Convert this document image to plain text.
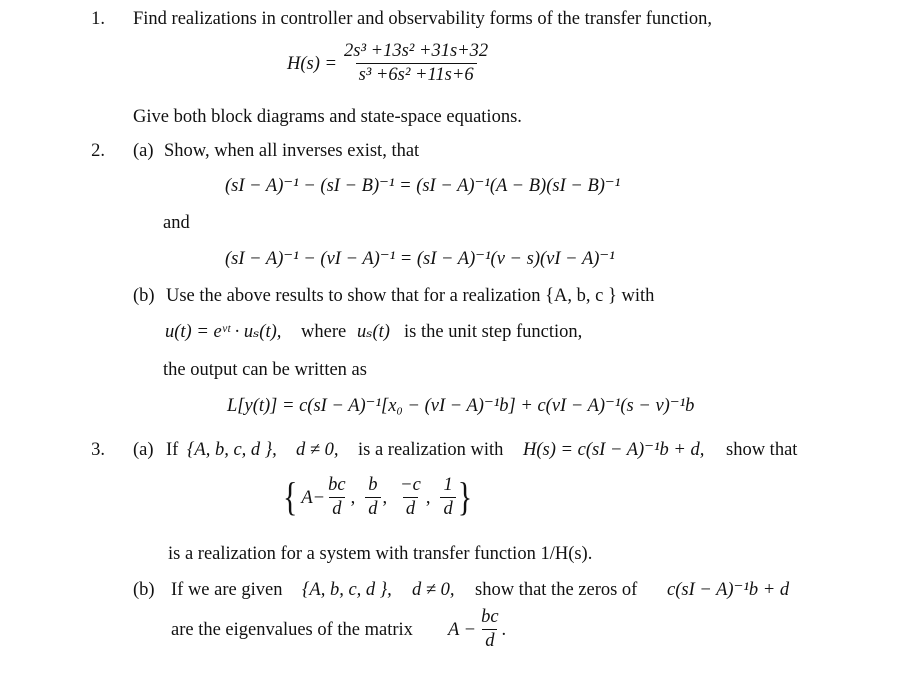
1. Find realizations in controller and observability forms of the transfer function,
$H(s) = \frac{\text{2s³ +13s² +31s+32}}{\text{s³ +6s² +11s+6}}$
Give both block diagrams and state-space equations.
2. (a) Show, when all inverses exist, that
(sI − A)⁻¹ − (sI − B)⁻¹ = (sI − A)⁻¹(A − B)(sI − B)⁻¹
and
(sI − A)⁻¹ − (vI − A)⁻¹ = (sI − A)⁻¹(v − s)(vI − A)⁻¹
(b) Use the above results to show that for a realization {A, b, c } with
u(t) = eᵛᵗ · uₛ(t), where uₛ(t) is the unit step function,
the output can be written as
L[y(t)] = c(sI − A)⁻¹[x₀ − (vI − A)⁻¹b] + c(vI − A)⁻¹(s − v)⁻¹b
3. (a) If {A, b, c, d }, d ≠ 0, is a realization with H(s) = c(sI − A)⁻¹b + d, show that
{ $A - \frac{bc}{d}$ , $\frac{b}{d}$ , $\frac{-c}{d}$ , $\frac{1}{d}$ }
is a realization for a system with transfer function 1/H(s).
(b) If we are given {A, b, c, d }, d ≠ 0, show that the zeros of c(sI − A)⁻¹b + d
are the eigenvalues of the matrix $A - \frac{bc}{d}$ .
